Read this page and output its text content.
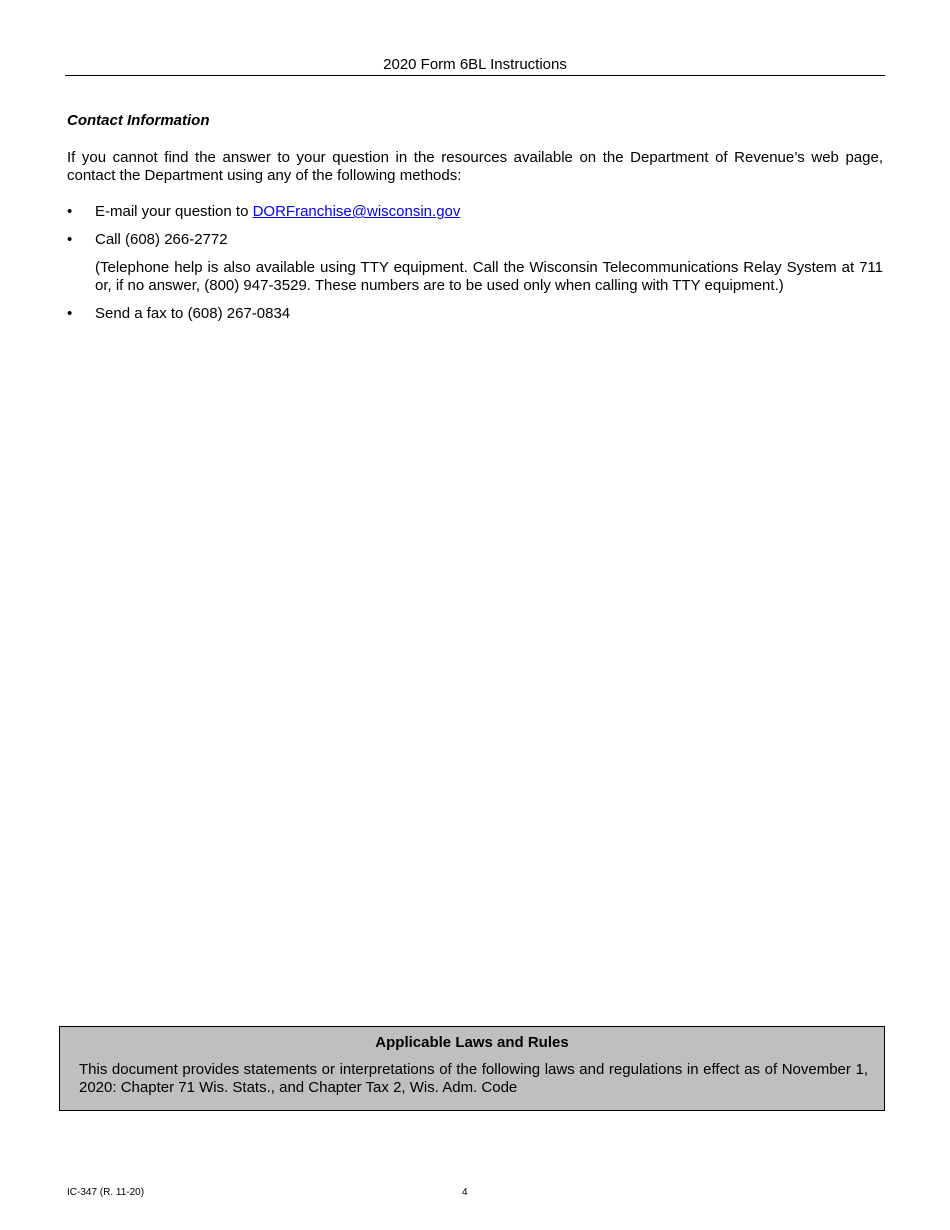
2020 Form 6BL Instructions
Contact Information

If you cannot find the answer to your question in the resources available on the Department of Revenue’s web page, contact the Department using any of the following methods:

• E-mail your question to DORFranchise@wisconsin.gov
• Call (608) 266-2772
(Telephone help is also available using TTY equipment. Call the Wisconsin Telecommunications Relay System at 711 or, if no answer, (800) 947-3529. These numbers are to be used only when calling with TTY equipment.)
• Send a fax to (608) 267-0834
Applicable Laws and Rules

This document provides statements or interpretations of the following laws and regulations in effect as of November 1, 2020: Chapter 71 Wis. Stats., and Chapter Tax 2, Wis. Adm. Code

IC-347 (R. 11-20)	4
